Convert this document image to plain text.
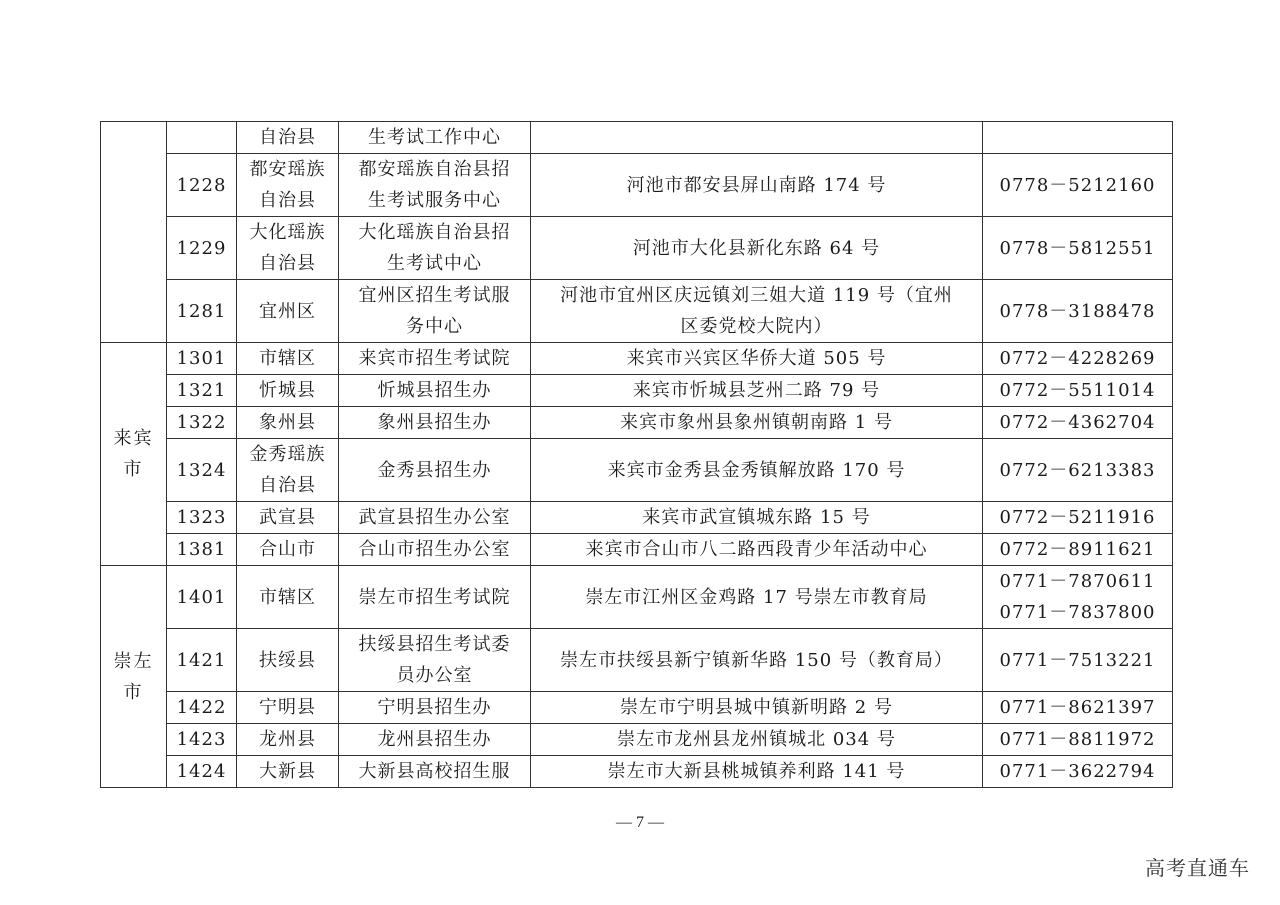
		自治县	生考试工作中心		

	1228	都安瑶族
自治县	都安瑶族自治县招
生考试服务中心	河池市都安县屏山南路 174 号	0778－5212160

	1229	大化瑶族
自治县	大化瑶族自治县招
生考试中心	河池市大化县新化东路 64 号	0778－5812551

	1281	宜州区	宜州区招生考试服
务中心	河池市宜州区庆远镇刘三姐大道 119 号（宜州
区委党校大院内）	0778－3188478

来宾
市	1301	市辖区	来宾市招生考试院	来宾市兴宾区华侨大道 505 号	0772－4228269

	1321	忻城县	忻城县招生办	来宾市忻城县芝州二路 79 号	0772－5511014

	1322	象州县	象州县招生办	来宾市象州县象州镇朝南路 1 号	0772－4362704

	1324	金秀瑶族
自治县	金秀县招生办	来宾市金秀县金秀镇解放路 170 号	0772－6213383

	1323	武宣县	武宣县招生办公室	来宾市武宣镇城东路 15 号	0772－5211916

	1381	合山市	合山市招生办公室	来宾市合山市八二路西段青少年活动中心	0772－8911621

崇左
市	1401	市辖区	崇左市招生考试院	崇左市江州区金鸡路 17 号崇左市教育局	0771－7870611
0771－7837800

	1421	扶绥县	扶绥县招生考试委
员办公室	崇左市扶绥县新宁镇新华路 150 号（教育局）	0771－7513221

	1422	宁明县	宁明县招生办	崇左市宁明县城中镇新明路 2 号	0771－8621397

	1423	龙州县	龙州县招生办	崇左市龙州县龙州镇城北 034 号	0771－8811972

	1424	大新县	大新县高校招生服	崇左市大新县桃城镇养利路 141 号	0771－3622794
— 7 —
高考直通车
